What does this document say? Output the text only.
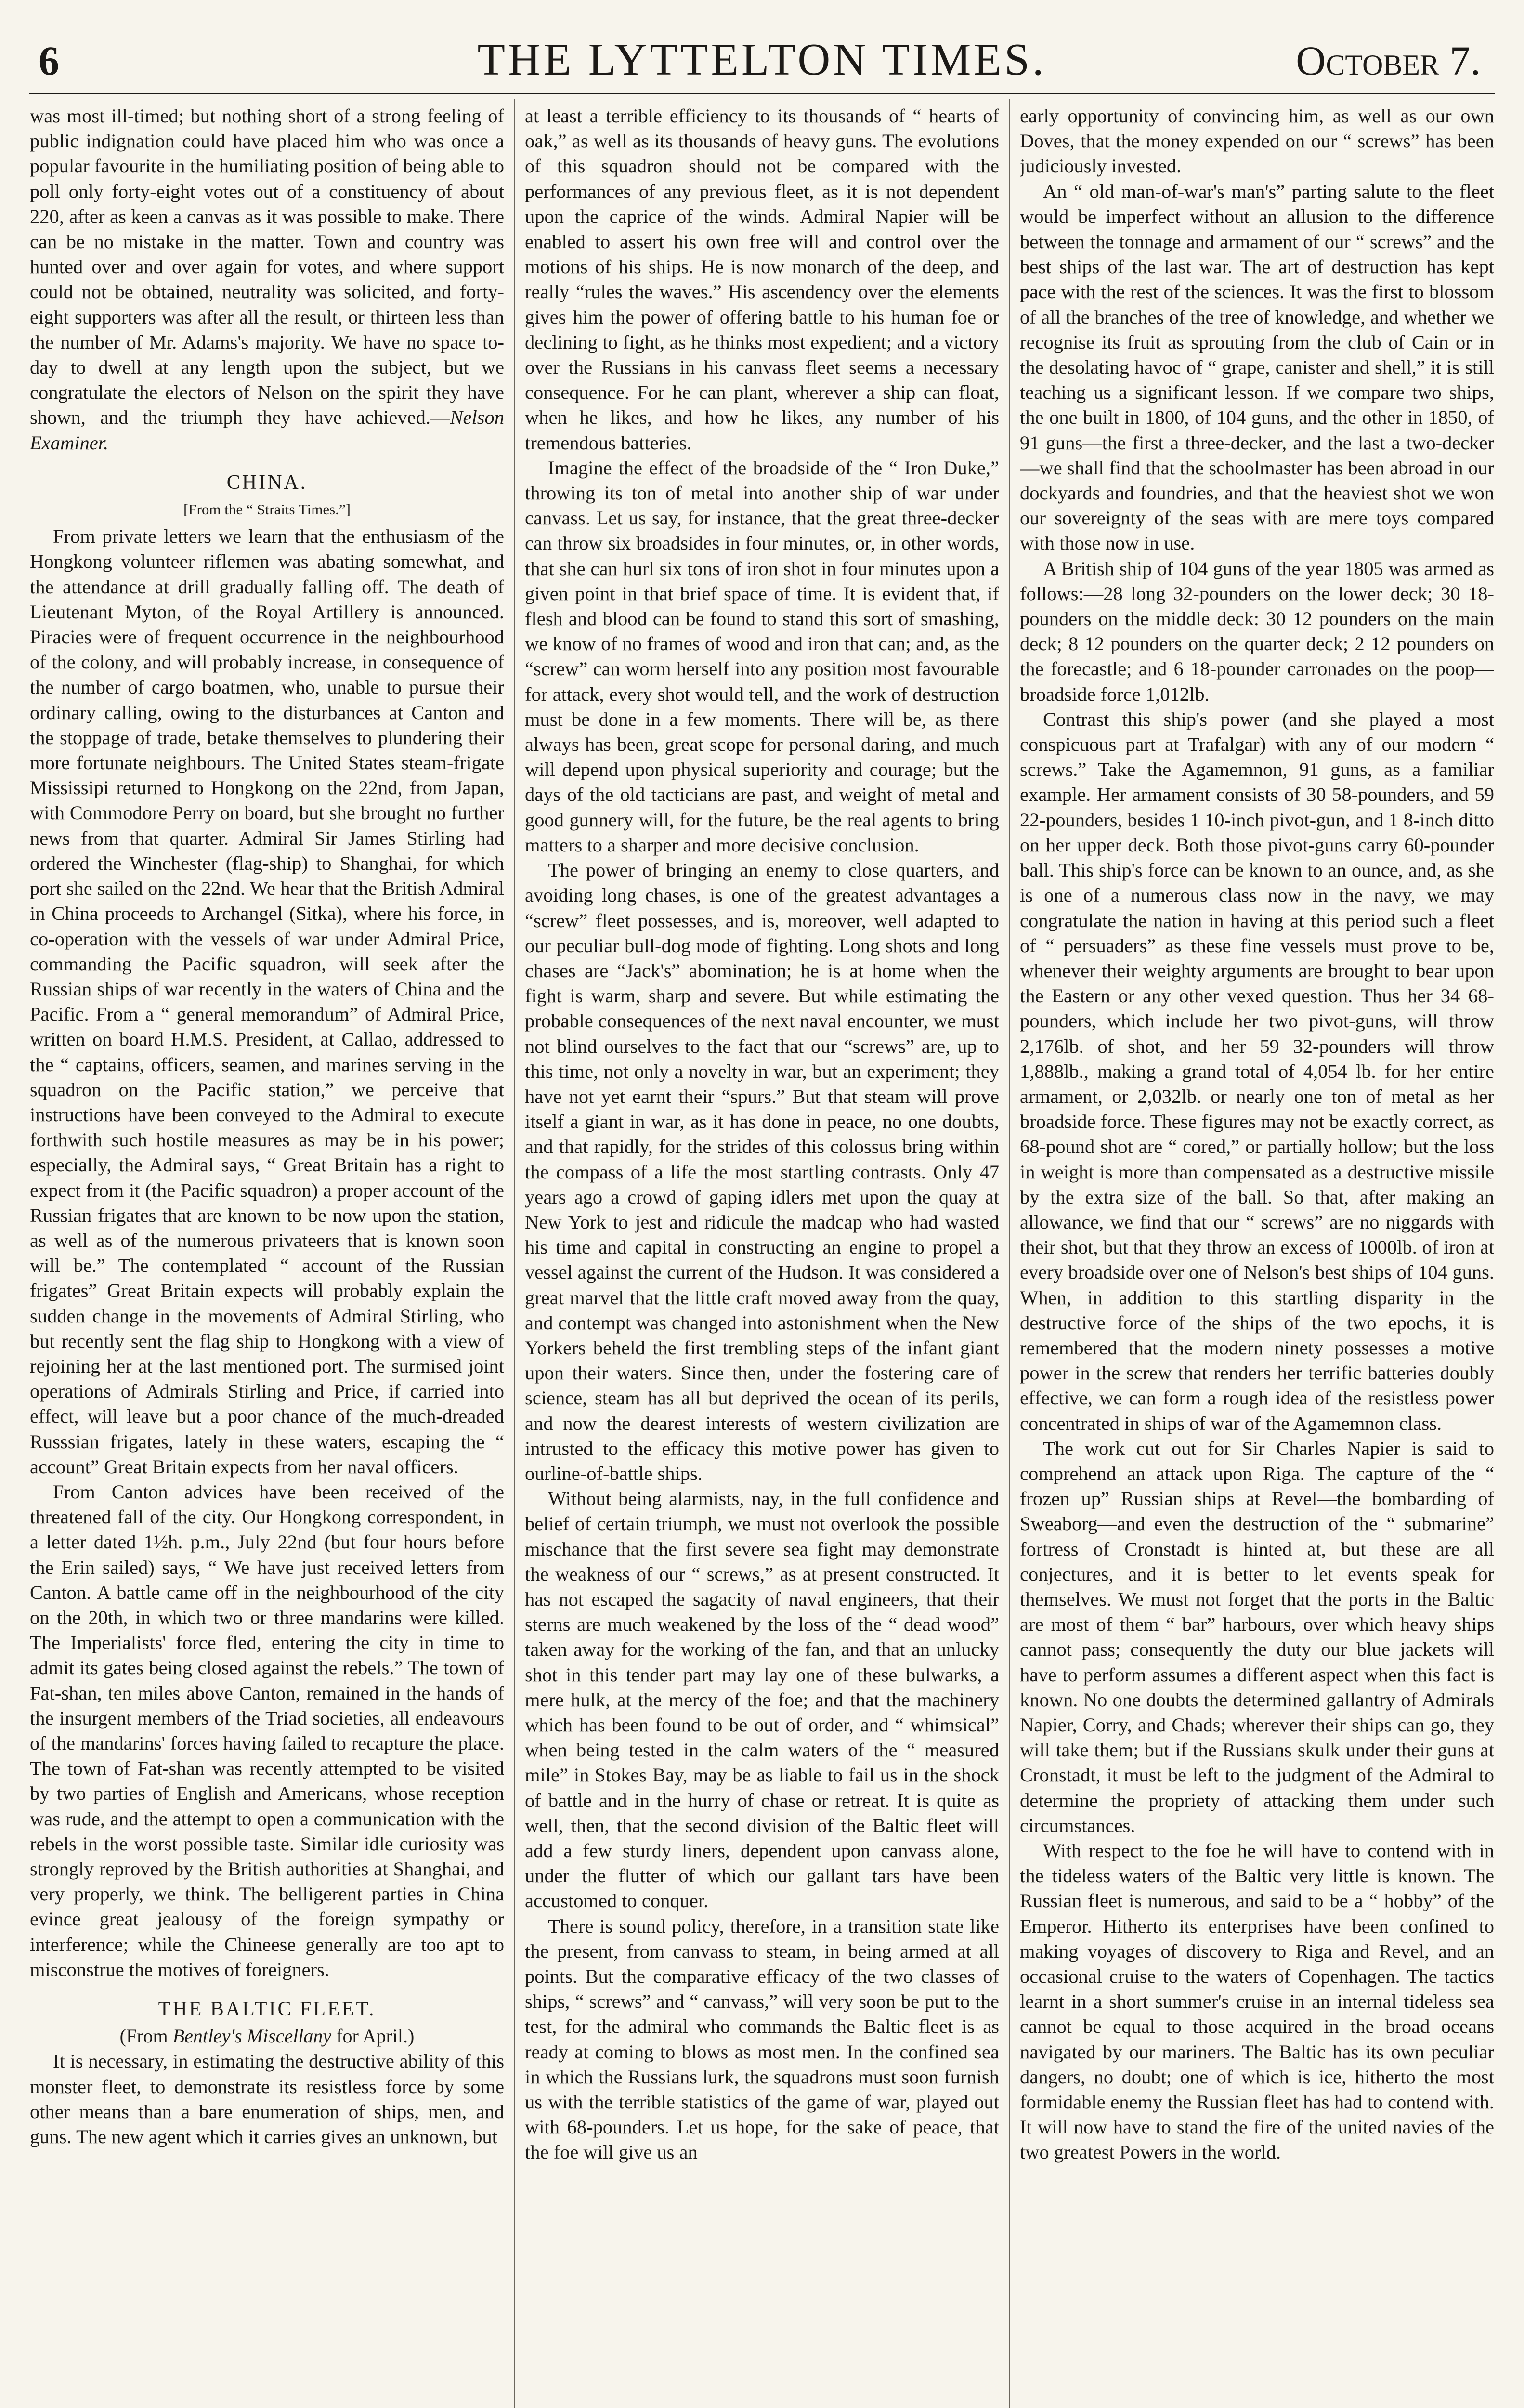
6	THE LYTTELTON TIMES.	October 7.

was most ill-timed; but nothing short of a strong feeling of public indignation could have placed him who was once a popular favourite in the humiliating position of being able to poll only forty-eight votes out of a constituency of about 220, after as keen a canvas as it was possible to make. There can be no mistake in the matter. Town and country was hunted over and over again for votes, and where support could not be obtained, neutrality was solicited, and forty-eight supporters was after all the result, or thirteen less than the number of Mr. Adams's majority. We have no space to-day to dwell at any length upon the subject, but we congratulate the electors of Nelson on the spirit they have shown, and the triumph they have achieved.—Nelson Examiner.

CHINA.
[From the “ Straits Times.”]

From private letters we learn that the enthusiasm of the Hongkong volunteer riflemen was abating somewhat, and the attendance at drill gradually falling off. The death of Lieutenant Myton, of the Royal Artillery is announced. Piracies were of frequent occurrence in the neighbourhood of the colony, and will probably increase, in consequence of the number of cargo boatmen, who, unable to pursue their ordinary calling, owing to the disturbances at Canton and the stoppage of trade, betake themselves to plundering their more fortunate neighbours. The United States steam-frigate Mississipi returned to Hongkong on the 22nd, from Japan, with Commodore Perry on board, but she brought no further news from that quarter. Admiral Sir James Stirling had ordered the Winchester (flag-ship) to Shanghai, for which port she sailed on the 22nd. We hear that the British Admiral in China proceeds to Archangel (Sitka), where his force, in co-operation with the vessels of war under Admiral Price, commanding the Pacific squadron, will seek after the Russian ships of war recently in the waters of China and the Pacific. From a “ general memorandum” of Admiral Price, written on board H.M.S. President, at Callao, addressed to the “ captains, officers, seamen, and marines serving in the squadron on the Pacific station,” we perceive that instructions have been conveyed to the Admiral to execute forthwith such hostile measures as may be in his power; especially, the Admiral says, “ Great Britain has a right to expect from it (the Pacific squadron) a proper account of the Russian frigates that are known to be now upon the station, as well as of the numerous privateers that is known soon will be.” The contemplated “ account of the Russian frigates” Great Britain expects will probably explain the sudden change in the movements of Admiral Stirling, who but recently sent the flag ship to Hongkong with a view of rejoining her at the last mentioned port. The surmised joint operations of Admirals Stirling and Price, if carried into effect, will leave but a poor chance of the much-dreaded Russsian frigates, lately in these waters, escaping the “ account” Great Britain expects from her naval officers.

From Canton advices have been received of the threatened fall of the city. Our Hongkong correspondent, in a letter dated 1½h. p.m., July 22nd (but four hours before the Erin sailed) says, “ We have just received letters from Canton. A battle came off in the neighbourhood of the city on the 20th, in which two or three mandarins were killed. The Imperialists' force fled, entering the city in time to admit its gates being closed against the rebels.” The town of Fat-shan, ten miles above Canton, remained in the hands of the insurgent members of the Triad societies, all endeavours of the mandarins' forces having failed to recapture the place. The town of Fat-shan was recently attempted to be visited by two parties of English and Americans, whose reception was rude, and the attempt to open a communication with the rebels in the worst possible taste. Similar idle curiosity was strongly reproved by the British authorities at Shanghai, and very properly, we think. The belligerent parties in China evince great jealousy of the foreign sympathy or interference; while the Chineese generally are too apt to misconstrue the motives of foreigners.

THE BALTIC FLEET.
(From Bentley's Miscellany for April.)

It is necessary, in estimating the destructive ability of this monster fleet, to demonstrate its resistless force by some other means than a bare enumeration of ships, men, and guns. The new agent which it carries gives an unknown, but

at least a terrible efficiency to its thousands of “ hearts of oak,” as well as its thousands of heavy guns. The evolutions of this squadron should not be compared with the performances of any previous fleet, as it is not dependent upon the caprice of the winds. Admiral Napier will be enabled to assert his own free will and control over the motions of his ships. He is now monarch of the deep, and really “rules the waves.” His ascendency over the elements gives him the power of offering battle to his human foe or declining to fight, as he thinks most expedient; and a victory over the Russians in his canvass fleet seems a necessary consequence. For he can plant, wherever a ship can float, when he likes, and how he likes, any number of his tremendous batteries.

Imagine the effect of the broadside of the “ Iron Duke,” throwing its ton of metal into another ship of war under canvass. Let us say, for instance, that the great three-decker can throw six broadsides in four minutes, or, in other words, that she can hurl six tons of iron shot in four minutes upon a given point in that brief space of time. It is evident that, if flesh and blood can be found to stand this sort of smashing, we know of no frames of wood and iron that can; and, as the “screw” can worm herself into any position most favourable for attack, every shot would tell, and the work of destruction must be done in a few moments. There will be, as there always has been, great scope for personal daring, and much will depend upon physical superiority and courage; but the days of the old tacticians are past, and weight of metal and good gunnery will, for the future, be the real agents to bring matters to a sharper and more decisive conclusion.

The power of bringing an enemy to close quarters, and avoiding long chases, is one of the greatest advantages a “screw” fleet possesses, and is, moreover, well adapted to our peculiar bull-dog mode of fighting. Long shots and long chases are “Jack's” abomination; he is at home when the fight is warm, sharp and severe. But while estimating the probable consequences of the next naval encounter, we must not blind ourselves to the fact that our “screws” are, up to this time, not only a novelty in war, but an experiment; they have not yet earnt their “spurs.” But that steam will prove itself a giant in war, as it has done in peace, no one doubts, and that rapidly, for the strides of this colossus bring within the compass of a life the most startling contrasts. Only 47 years ago a crowd of gaping idlers met upon the quay at New York to jest and ridicule the madcap who had wasted his time and capital in constructing an engine to propel a vessel against the current of the Hudson. It was considered a great marvel that the little craft moved away from the quay, and contempt was changed into astonishment when the New Yorkers beheld the first trembling steps of the infant giant upon their waters. Since then, under the fostering care of science, steam has all but deprived the ocean of its perils, and now the dearest interests of western civilization are intrusted to the efficacy this motive power has given to ourline-of-battle ships.

Without being alarmists, nay, in the full confidence and belief of certain triumph, we must not overlook the possible mischance that the first severe sea fight may demonstrate the weakness of our “ screws,” as at present constructed. It has not escaped the sagacity of naval engineers, that their sterns are much weakened by the loss of the “ dead wood” taken away for the working of the fan, and that an unlucky shot in this tender part may lay one of these bulwarks, a mere hulk, at the mercy of the foe; and that the machinery which has been found to be out of order, and “ whimsical” when being tested in the calm waters of the “ measured mile” in Stokes Bay, may be as liable to fail us in the shock of battle and in the hurry of chase or retreat. It is quite as well, then, that the second division of the Baltic fleet will add a few sturdy liners, dependent upon canvass alone, under the flutter of which our gallant tars have been accustomed to conquer.

There is sound policy, therefore, in a transition state like the present, from canvass to steam, in being armed at all points. But the comparative efficacy of the two classes of ships, “ screws” and “ canvass,” will very soon be put to the test, for the admiral who commands the Baltic fleet is as ready at coming to blows as most men. In the confined sea in which the Russians lurk, the squadrons must soon furnish us with the terrible statistics of the game of war, played out with 68-pounders. Let us hope, for the sake of peace, that the foe will give us an

early opportunity of convincing him, as well as our own Doves, that the money expended on our “ screws” has been judiciously invested.

An “ old man-of-war's man's” parting salute to the fleet would be imperfect without an allusion to the difference between the tonnage and armament of our “ screws” and the best ships of the last war. The art of destruction has kept pace with the rest of the sciences. It was the first to blossom of all the branches of the tree of knowledge, and whether we recognise its fruit as sprouting from the club of Cain or in the desolating havoc of “ grape, canister and shell,” it is still teaching us a significant lesson. If we compare two ships, the one built in 1800, of 104 guns, and the other in 1850, of 91 guns—the first a three-decker, and the last a two-decker—we shall find that the schoolmaster has been abroad in our dockyards and foundries, and that the heaviest shot we won our sovereignty of the seas with are mere toys compared with those now in use.

A British ship of 104 guns of the year 1805 was armed as follows:—28 long 32-pounders on the lower deck; 30 18-pounders on the middle deck: 30 12 pounders on the main deck; 8 12 pounders on the quarter deck; 2 12 pounders on the forecastle; and 6 18-pounder carronades on the poop—broadside force 1,012lb.

Contrast this ship's power (and she played a most conspicuous part at Trafalgar) with any of our modern “ screws.” Take the Agamemnon, 91 guns, as a familiar example. Her armament consists of 30 58-pounders, and 59 22-pounders, besides 1 10-inch pivot-gun, and 1 8-inch ditto on her upper deck. Both those pivot-guns carry 60-pounder ball. This ship's force can be known to an ounce, and, as she is one of a numerous class now in the navy, we may congratulate the nation in having at this period such a fleet of “ persuaders” as these fine vessels must prove to be, whenever their weighty arguments are brought to bear upon the Eastern or any other vexed question. Thus her 34 68-pounders, which include her two pivot-guns, will throw 2,176lb. of shot, and her 59 32-pounders will throw 1,888lb., making a grand total of 4,054 lb. for her entire armament, or 2,032lb. or nearly one ton of metal as her broadside force. These figures may not be exactly correct, as 68-pound shot are “ cored,” or partially hollow; but the loss in weight is more than compensated as a destructive missile by the extra size of the ball. So that, after making an allowance, we find that our “ screws” are no niggards with their shot, but that they throw an excess of 1000lb. of iron at every broadside over one of Nelson's best ships of 104 guns. When, in addition to this startling disparity in the destructive force of the ships of the two epochs, it is remembered that the modern ninety possesses a motive power in the screw that renders her terrific batteries doubly effective, we can form a rough idea of the resistless power concentrated in ships of war of the Agamemnon class.

The work cut out for Sir Charles Napier is said to comprehend an attack upon Riga. The capture of the “ frozen up” Russian ships at Revel—the bombarding of Sweaborg—and even the destruction of the “ submarine” fortress of Cronstadt is hinted at, but these are all conjectures, and it is better to let events speak for themselves. We must not forget that the ports in the Baltic are most of them “ bar” harbours, over which heavy ships cannot pass; consequently the duty our blue jackets will have to perform assumes a different aspect when this fact is known. No one doubts the determined gallantry of Admirals Napier, Corry, and Chads; wherever their ships can go, they will take them; but if the Russians skulk under their guns at Cronstadt, it must be left to the judgment of the Admiral to determine the propriety of attacking them under such circumstances.

With respect to the foe he will have to contend with in the tideless waters of the Baltic very little is known. The Russian fleet is numerous, and said to be a “ hobby” of the Emperor. Hitherto its enterprises have been confined to making voyages of discovery to Riga and Revel, and an occasional cruise to the waters of Copenhagen. The tactics learnt in a short summer's cruise in an internal tideless sea cannot be equal to those acquired in the broad oceans navigated by our mariners. The Baltic has its own peculiar dangers, no doubt; one of which is ice, hitherto the most formidable enemy the Russian fleet has had to contend with. It will now have to stand the fire of the united navies of the two greatest Powers in the world.
